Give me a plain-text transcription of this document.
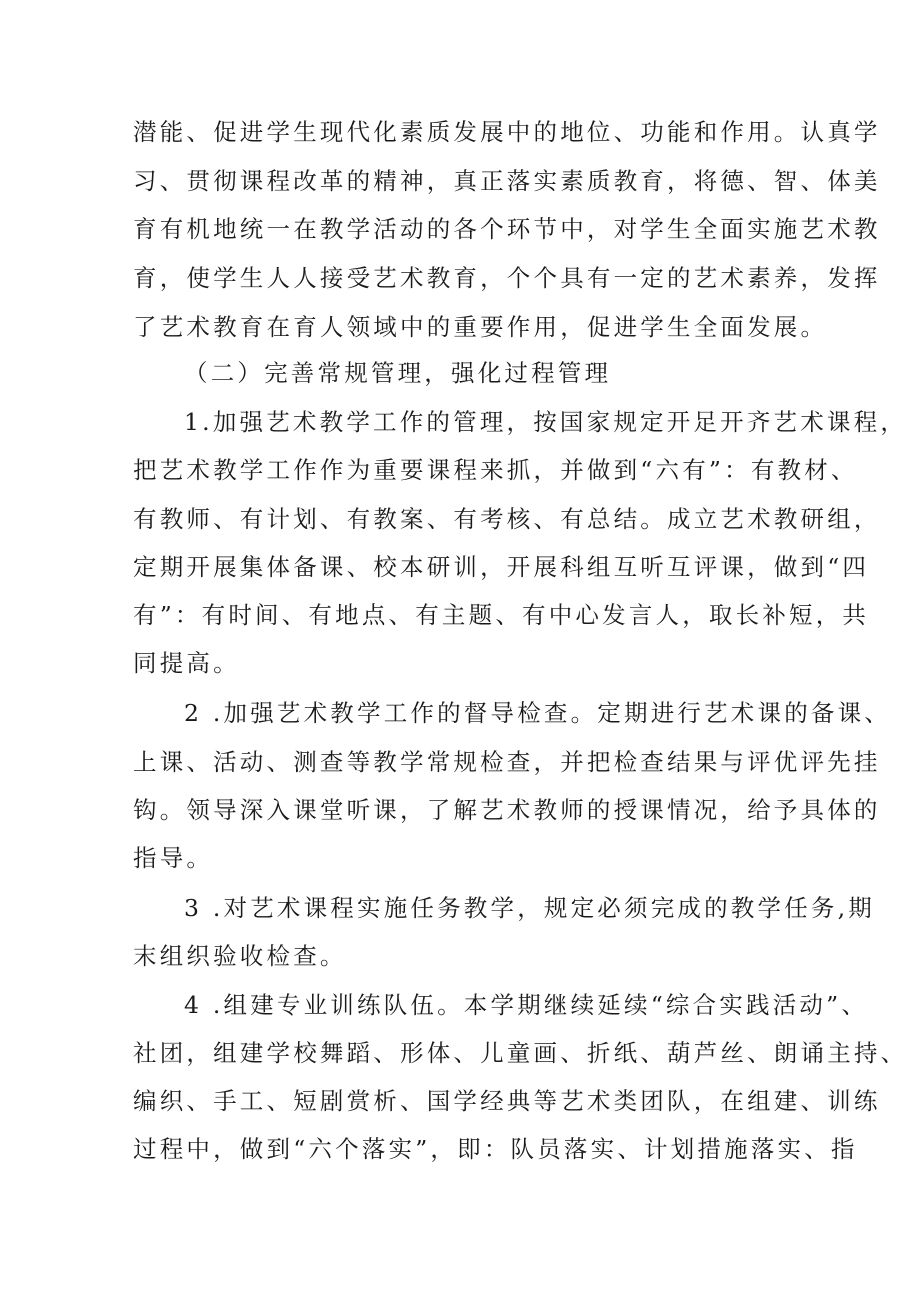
潜能、促进学生现代化素质发展中的地位、功能和作用。认真学
习、贯彻课程改革的精神，真正落实素质教育，将德、智、体美
育有机地统一在教学活动的各个环节中，对学生全面实施艺术教
育，使学生人人接受艺术教育，个个具有一定的艺术素养，发挥
了艺术教育在育人领域中的重要作用，促进学生全面发展。
（二）完善常规管理，强化过程管理
1.加强艺术教学工作的管理，按国家规定开足开齐艺术课程，
把艺术教学工作作为重要课程来抓，并做到“六有”：有教材、
有教师、有计划、有教案、有考核、有总结。成立艺术教研组，
定期开展集体备课、校本研训，开展科组互听互评课，做到“四
有”：有时间、有地点、有主题、有中心发言人，取长补短，共
同提高。
2 .加强艺术教学工作的督导检查。定期进行艺术课的备课、
上课、活动、测查等教学常规检查，并把检查结果与评优评先挂
钩。领导深入课堂听课，了解艺术教师的授课情况，给予具体的
指导。
3 .对艺术课程实施任务教学，规定必须完成的教学任务,期
末组织验收检查。
4 .组建专业训练队伍。本学期继续延续“综合实践活动”、
社团，组建学校舞蹈、形体、儿童画、折纸、葫芦丝、朗诵主持、
编织、手工、短剧赏析、国学经典等艺术类团队，在组建、训练
过程中，做到“六个落实”，即：队员落实、计划措施落实、指
